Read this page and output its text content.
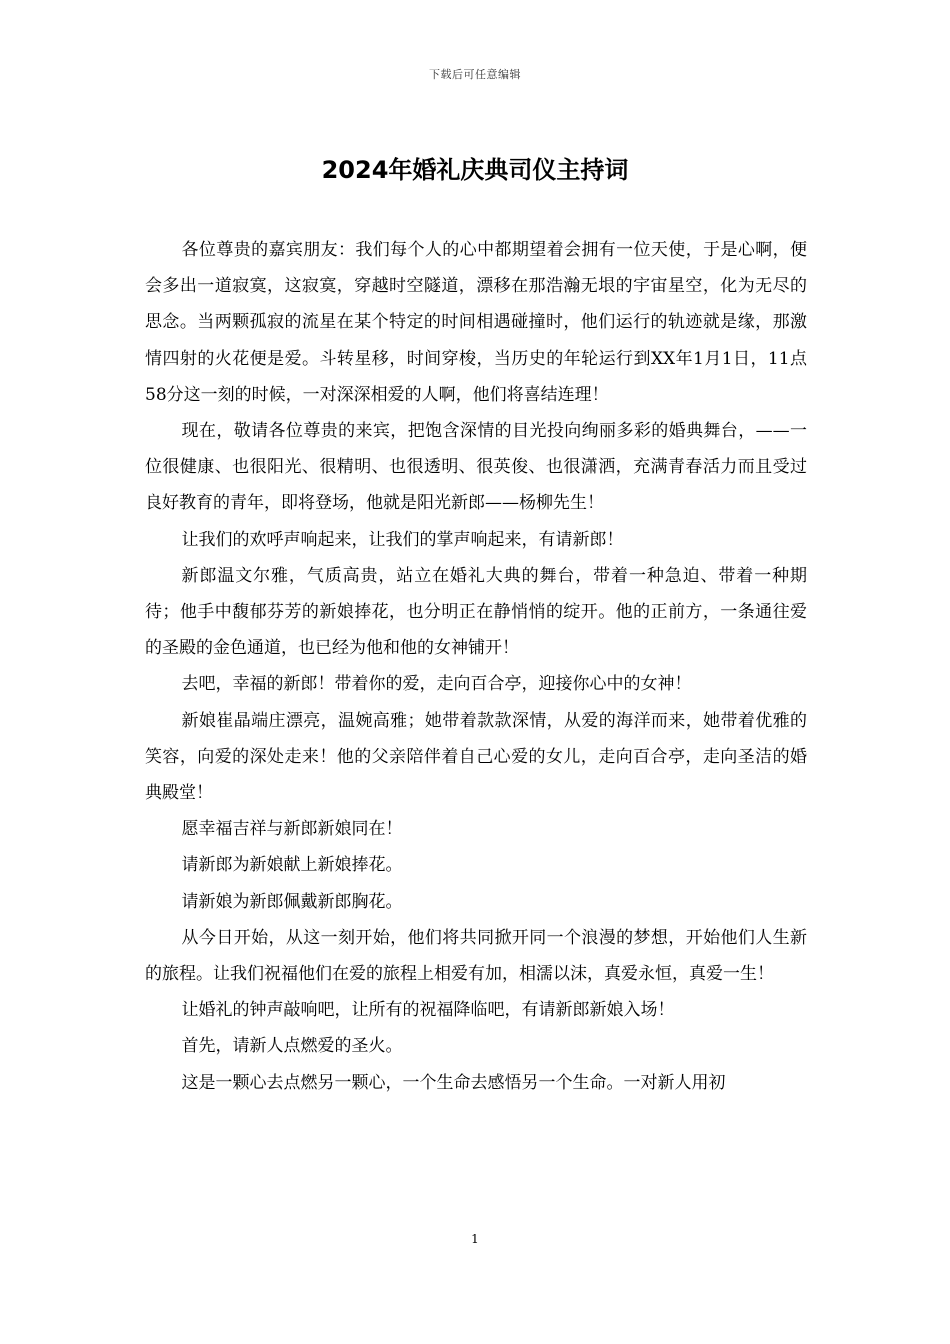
下载后可任意编辑
2024年婚礼庆典司仪主持词

各位尊贵的嘉宾朋友：我们每个人的心中都期望着会拥有一位天使，于是心啊，便会多出一道寂寞，这寂寞，穿越时空隧道，漂移在那浩瀚无垠的宇宙星空，化为无尽的思念。当两颗孤寂的流星在某个特定的时间相遇碰撞时，他们运行的轨迹就是缘，那激情四射的火花便是爱。斗转星移，时间穿梭，当历史的年轮运行到XX年1月1日，11点58分这一刻的时候，一对深深相爱的人啊，他们将喜结连理！

现在，敬请各位尊贵的来宾，把饱含深情的目光投向绚丽多彩的婚典舞台，——一位很健康、也很阳光、很精明、也很透明、很英俊、也很潇洒，充满青春活力而且受过良好教育的青年，即将登场，他就是阳光新郎——杨柳先生！

让我们的欢呼声响起来，让我们的掌声响起来，有请新郎！

新郎温文尔雅，气质高贵，站立在婚礼大典的舞台，带着一种急迫、带着一种期待；他手中馥郁芬芳的新娘捧花，也分明正在静悄悄的绽开。他的正前方，一条通往爱的圣殿的金色通道，也已经为他和他的女神铺开！

去吧，幸福的新郎！带着你的爱，走向百合亭，迎接你心中的女神！

新娘崔晶端庄漂亮，温婉高雅；她带着款款深情，从爱的海洋而来，她带着优雅的笑容，向爱的深处走来！他的父亲陪伴着自己心爱的女儿，走向百合亭，走向圣洁的婚典殿堂！

愿幸福吉祥与新郎新娘同在！

请新郎为新娘献上新娘捧花。

请新娘为新郎佩戴新郎胸花。

从今日开始，从这一刻开始，他们将共同掀开同一个浪漫的梦想，开始他们人生新的旅程。让我们祝福他们在爱的旅程上相爱有加，相濡以沫，真爱永恒，真爱一生！

让婚礼的钟声敲响吧，让所有的祝福降临吧，有请新郎新娘入场！

首先，请新人点燃爱的圣火。

这是一颗心去点燃另一颗心，一个生命去感悟另一个生命。一对新人用初

1
